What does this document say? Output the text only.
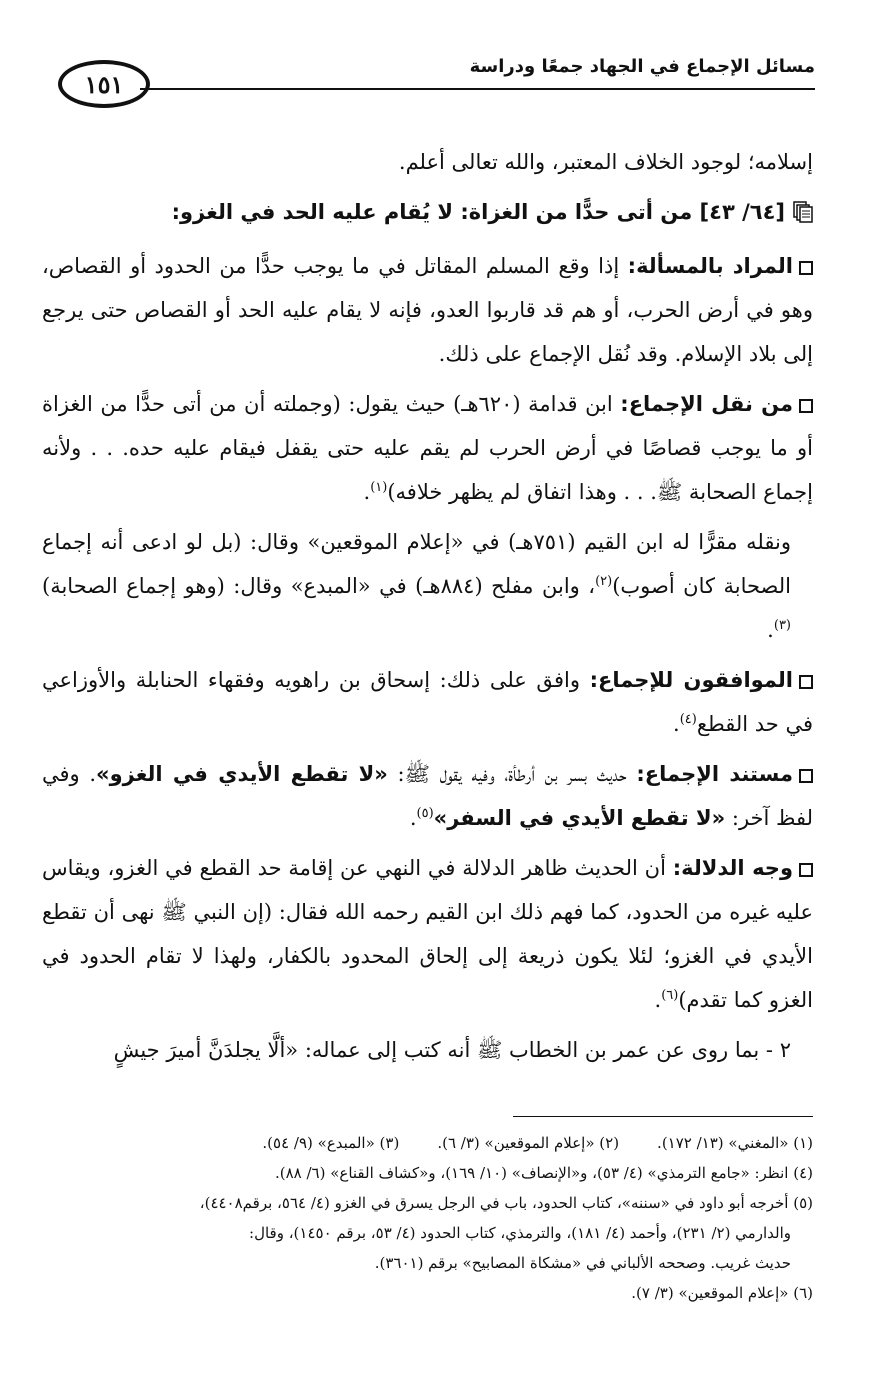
١٥١
مسائل الإجماع في الجهاد جمعًا ودراسة

إسلامه؛ لوجود الخلاف المعتبر، والله تعالى أعلم.

[٦٤/ ٤٣] من أتى حدًّا من الغزاة: لا يُقام عليه الحد في الغزو:

المراد بالمسألة: إذا وقع المسلم المقاتل في ما يوجب حدًّا من الحدود أو القصاص، وهو في أرض الحرب، أو هم قد قاربوا العدو، فإنه لا يقام عليه الحد أو القصاص حتى يرجع إلى بلاد الإسلام. وقد نُقل الإجماع على ذلك.

من نقل الإجماع: ابن قدامة (٦٢٠هـ) حيث يقول: (وجملته أن من أتى حدًّا من الغزاة أو ما يوجب قصاصًا في أرض الحرب لم يقم عليه حتى يقفل فيقام عليه حده. . . ولأنه إجماع الصحابة ﷺ. . . وهذا اتفاق لم يظهر خلافه)$^{(١)}$.

ونقله مقرًّا له ابن القيم (٧٥١هـ) في «إعلام الموقعين» وقال: (بل لو ادعى أنه إجماع الصحابة كان أصوب)$^{(٢)}$، وابن مفلح (٨٨٤هـ) في «المبدع» وقال: (وهو إجماع الصحابة)$^{(٣)}$.

الموافقون للإجماع: وافق على ذلك: إسحاق بن راهويه وفقهاء الحنابلة والأوزاعي في حد القطع$^{(٤)}$.

مستند الإجماع: حديث بسر بن أرطأة، وفيه يقول ﷺ: «لا تقطع الأيدي في الغزو». وفي لفظ آخر: «لا تقطع الأيدي في السفر»$^{(٥)}$.

وجه الدلالة: أن الحديث ظاهر الدلالة في النهي عن إقامة حد القطع في الغزو، ويقاس عليه غيره من الحدود، كما فهم ذلك ابن القيم رحمه الله فقال: (إن النبي ﷺ نهى أن تقطع الأيدي في الغزو؛ لئلا يكون ذريعة إلى إلحاق المحدود بالكفار، ولهذا لا تقام الحدود في الغزو كما تقدم)$^{(٦)}$.

٢ - بما روى عن عمر بن الخطاب ﷺ أنه كتب إلى عماله: «ألَّا يجلدَنَّ أميرَ جيشٍ

(١) «المغني» (١٣/ ١٧٢).
(٢) «إعلام الموقعين» (٣/ ٦).
(٣) «المبدع» (٩/ ٥٤).

(٤) انظر: «جامع الترمذي» (٤/ ٥٣)، و«الإنصاف» (١٠/ ١٦٩)، و«كشاف القناع» (٦/ ٨٨).

(٥) أخرجه أبو داود في «سننه»، كتاب الحدود، باب في الرجل يسرق في الغزو (٤/ ٥٦٤، برقم٤٤٠٨)،

والدارمي (٢/ ٢٣١)، وأحمد (٤/ ١٨١)، والترمذي، كتاب الحدود (٤/ ٥٣، برقم ١٤٥٠)، وقال:

حديث غريب. وصححه الألباني في «مشكاة المصابيح» برقم (٣٦٠١).

(٦) «إعلام الموقعين» (٣/ ٧).
